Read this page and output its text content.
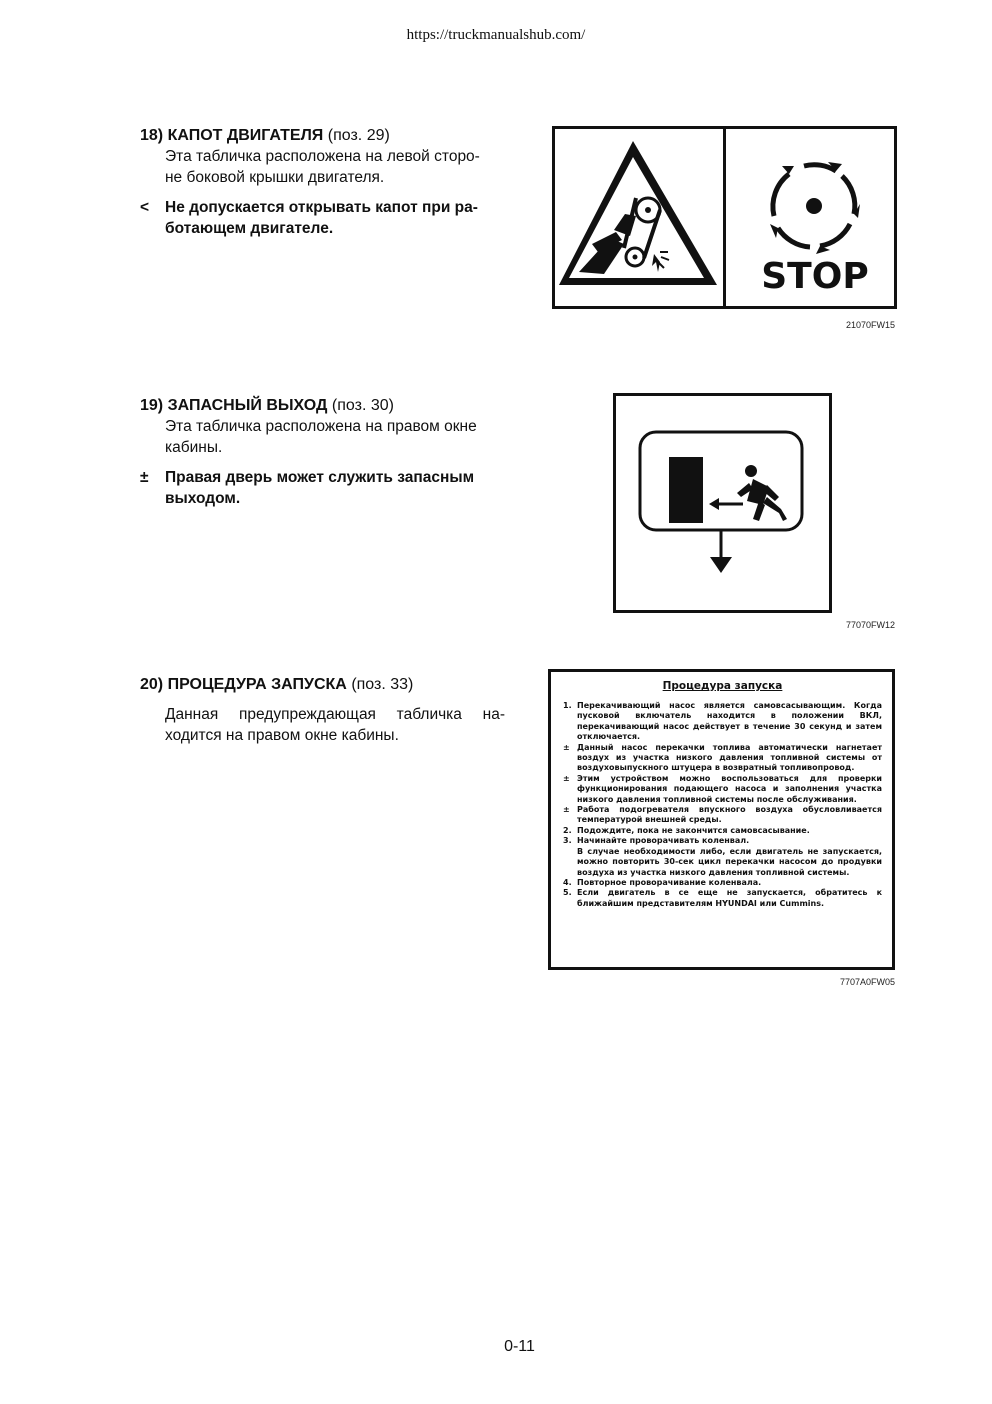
https://truckmanualshub.com/
18) КАПОТ ДВИГАТЕЛЯ (поз. 29)
Эта табличка расположена на левой сторо-
не боковой крышки двигателя.
< Не допускается открывать капот при ра-
ботающем двигателе.
STOP
21070FW15
19) ЗАПАСНЫЙ ВЫХОД (поз. 30)
Эта табличка расположена на правом окне
кабины.
± Правая дверь может служить запасным
выходом.
77070FW12
20) ПРОЦЕДУРА ЗАПУСКА (поз. 33)
Данная предупреждающая табличка на-
ходится на правом окне кабины.
Процедура запуска
1. Перекачивающий насос является самовсасывающим. Когда пусковой включатель находится в положении ВКЛ, перекачивающий насос действует в течение 30 секунд и затем отключается.
± Данный насос перекачки топлива автоматически нагнетает воздух из участка низкого давления топливной системы от воздуховыпускного штуцера в возвратный топливопровод.
± Этим устройством можно воспользоваться для проверки функционирования подающего насоса и заполнения участка низкого давления топливной системы после обслуживания.
± Работа подогревателя впускного воздуха обусловливается температурой внешней среды.
2. Подождите, пока не закончится самовсасывание.
3. Начинайте проворачивать коленвал.
В случае необходимости либо, если двигатель не запускается, можно повторить 30-сек цикл перекачки насосом до продувки воздуха из участка низкого давления топливной системы.
4. Повторное проворачивание коленвала.
5. Если двигатель в се еще не запускается, обратитесь к ближайшим представителям HYUNDAI или Cummins.
7707A0FW05
0-11
